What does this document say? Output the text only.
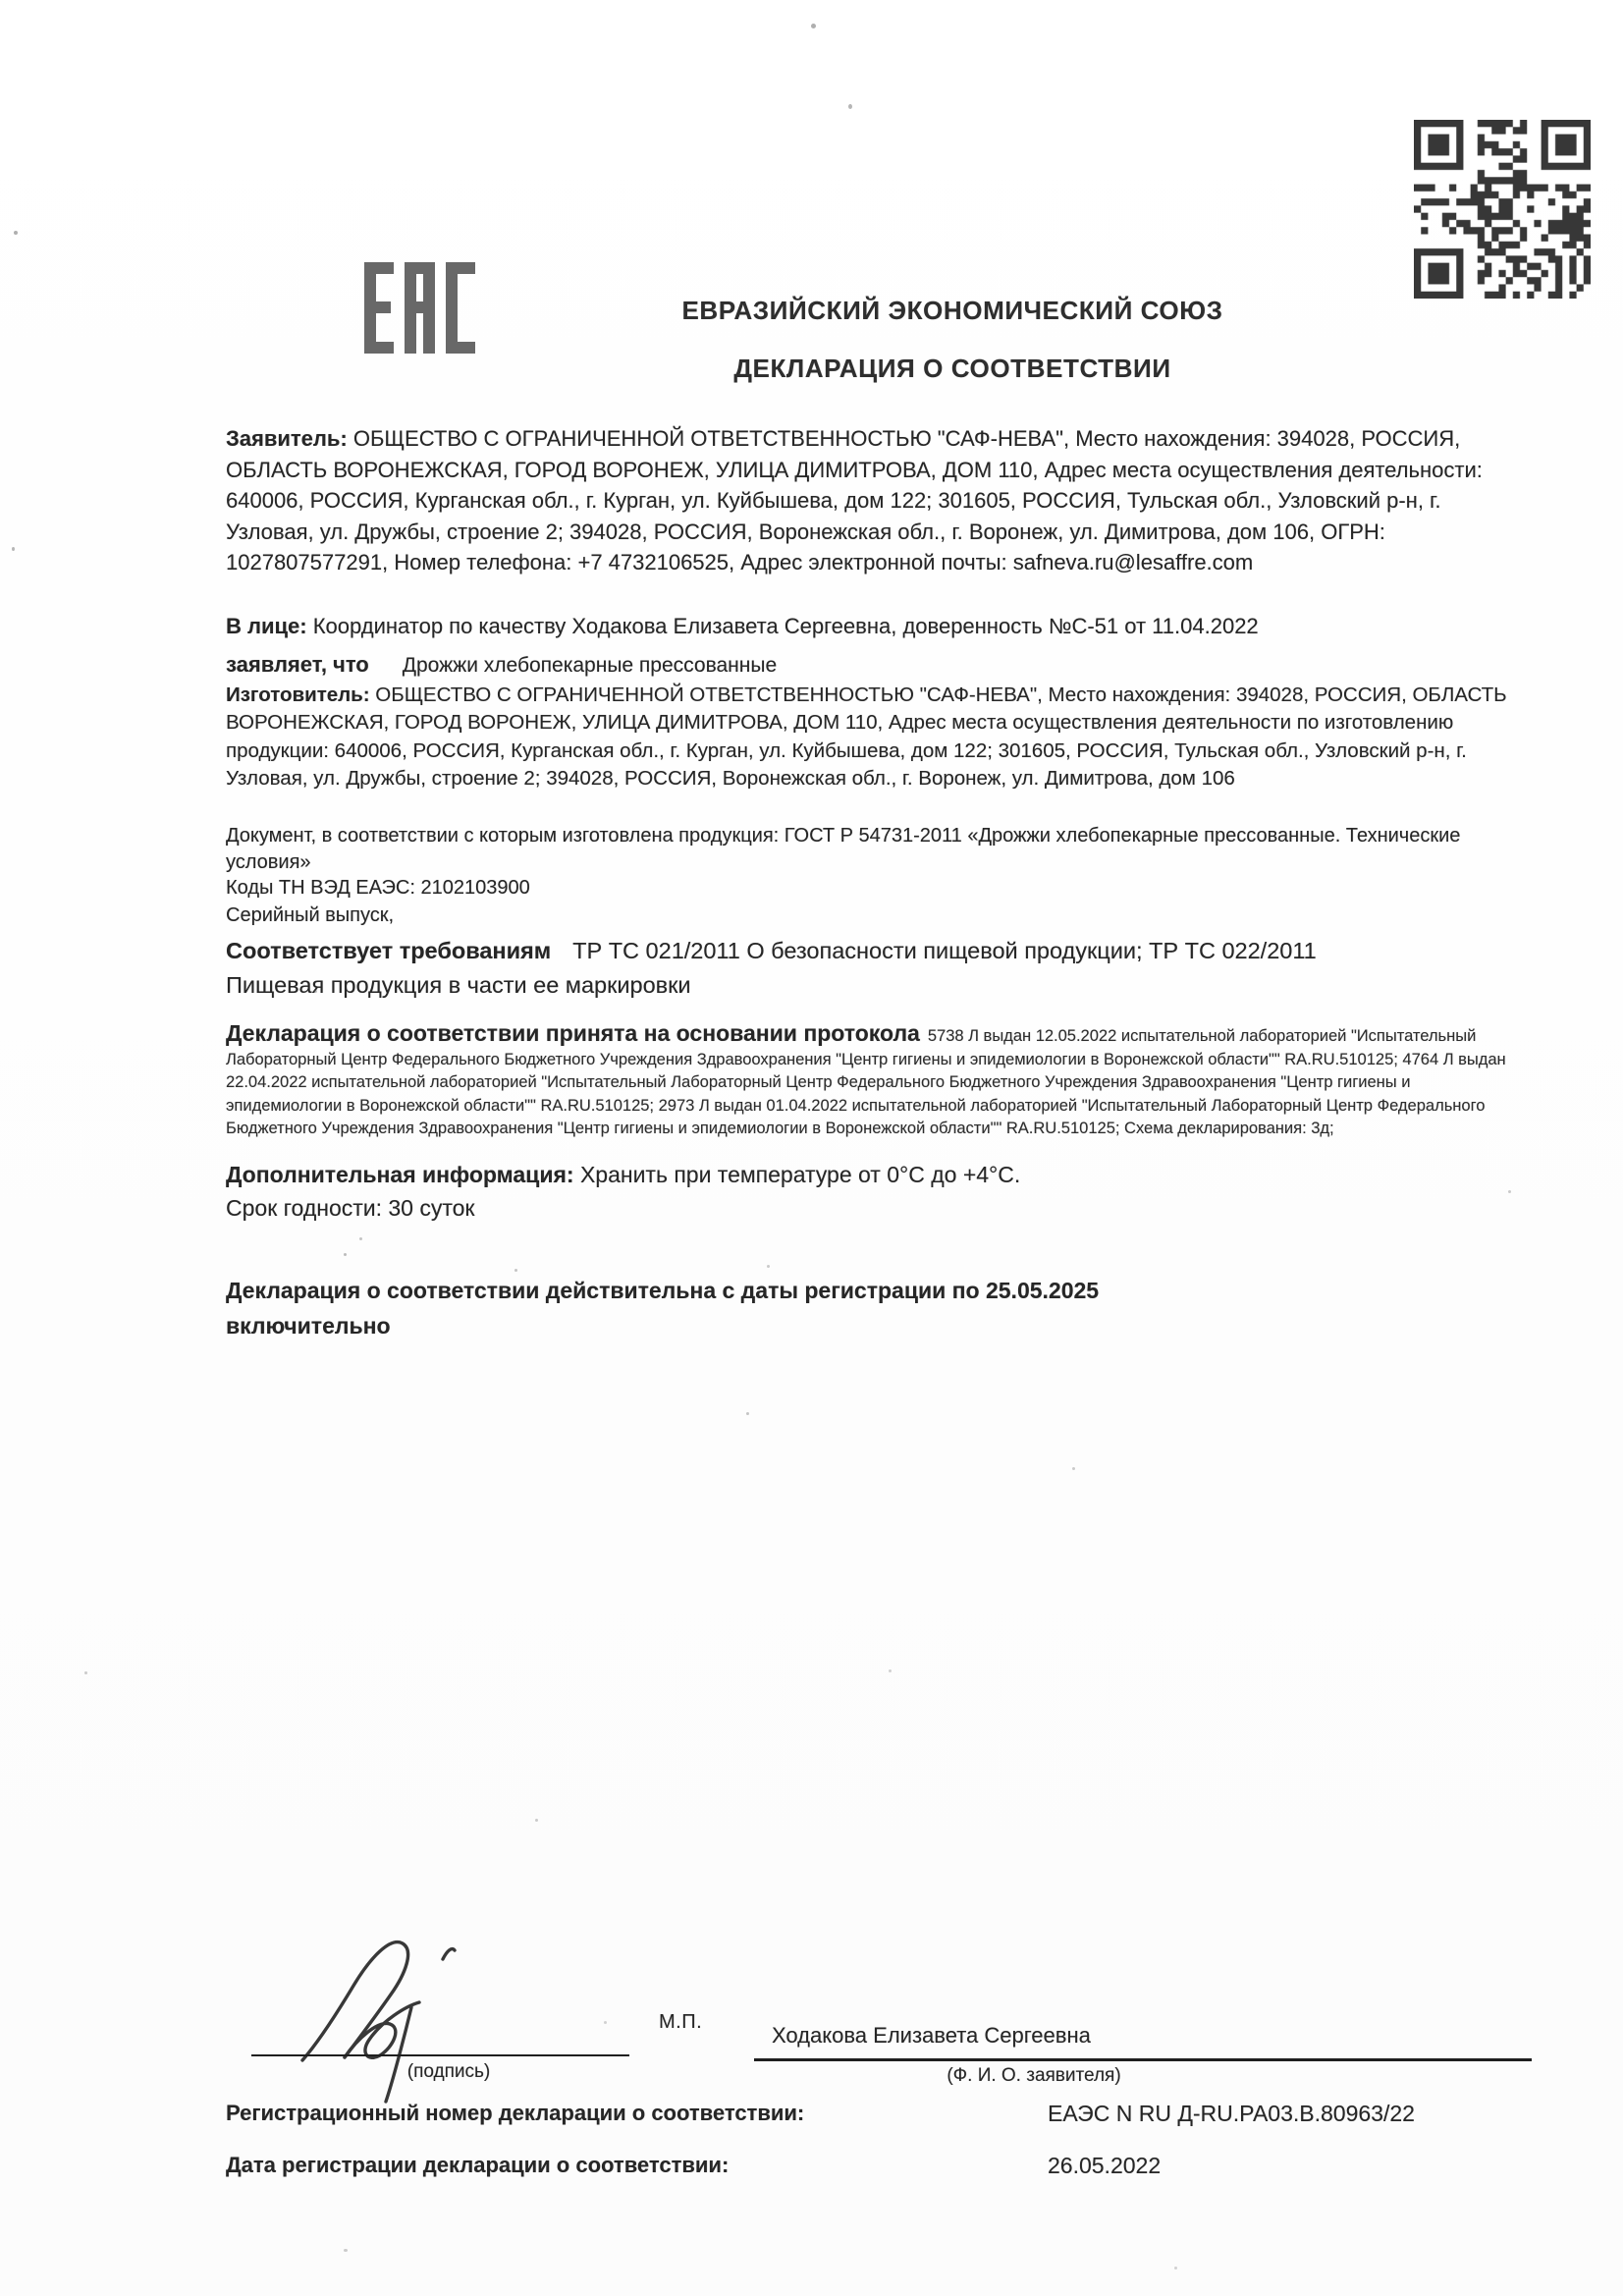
ЕВРАЗИЙСКИЙ ЭКОНОМИЧЕСКИЙ СОЮЗ
ДЕКЛАРАЦИЯ О СООТВЕТСТВИИ

Заявитель: ОБЩЕСТВО С ОГРАНИЧЕННОЙ ОТВЕТСТВЕННОСТЬЮ "САФ-НЕВА", Место нахождения: 394028, РОССИЯ, ОБЛАСТЬ ВОРОНЕЖСКАЯ, ГОРОД ВОРОНЕЖ, УЛИЦА ДИМИТРОВА, ДОМ 110, Адрес места осуществления деятельности: 640006, РОССИЯ, Курганская обл., г. Курган, ул. Куйбышева, дом 122; 301605, РОССИЯ, Тульская обл., Узловский р-н, г. Узловая, ул. Дружбы, строение 2; 394028, РОССИЯ, Воронежская обл., г. Воронеж, ул. Димитрова, дом 106, ОГРН: 1027807577291, Номер телефона: +7 4732106525, Адрес электронной почты: safneva.ru@lesaffre.com

В лице: Координатор по качеству Ходакова Елизавета Сергеевна, доверенность №С-51 от 11.04.2022

заявляет, что Дрожжи хлебопекарные прессованные

Изготовитель: ОБЩЕСТВО С ОГРАНИЧЕННОЙ ОТВЕТСТВЕННОСТЬЮ "САФ-НЕВА", Место нахождения: 394028, РОССИЯ, ОБЛАСТЬ ВОРОНЕЖСКАЯ, ГОРОД ВОРОНЕЖ, УЛИЦА ДИМИТРОВА, ДОМ 110, Адрес места осуществления деятельности по изготовлению продукции: 640006, РОССИЯ, Курганская обл., г. Курган, ул. Куйбышева, дом 122; 301605, РОССИЯ, Тульская обл., Узловский р-н, г. Узловая, ул. Дружбы, строение 2; 394028, РОССИЯ, Воронежская обл., г. Воронеж, ул. Димитрова, дом 106

Документ, в соответствии с которым изготовлена продукция: ГОСТ Р 54731-2011 «Дрожжи хлебопекарные прессованные. Технические условия»

Коды ТН ВЭД ЕАЭС: 2102103900

Серийный выпуск,

Соответствует требованиям ТР ТС 021/2011 О безопасности пищевой продукции; ТР ТС 022/2011 Пищевая продукция в части ее маркировки

Декларация о соответствии принята на основании протокола 5738 Л выдан 12.05.2022 испытательной лабораторией "Испытательный Лабораторный Центр Федерального Бюджетного Учреждения Здравоохранения "Центр гигиены и эпидемиологии в Воронежской области"" RA.RU.510125; 4764 Л выдан 22.04.2022 испытательной лабораторией "Испытательный Лабораторный Центр Федерального Бюджетного Учреждения Здравоохранения "Центр гигиены и эпидемиологии в Воронежской области"" RA.RU.510125; 2973 Л выдан 01.04.2022 испытательной лабораторией "Испытательный Лабораторный Центр Федерального Бюджетного Учреждения Здравоохранения "Центр гигиены и эпидемиологии в Воронежской области"" RA.RU.510125; Схема декларирования: 3д;

Дополнительная информация: Хранить при температуре от 0°С до +4°С.

Срок годности: 30 суток

Декларация о соответствии действительна с даты регистрации по 25.05.2025
включительно

(подпись)
М.П.
Ходакова Елизавета Сергеевна
(Ф. И. О. заявителя)
Регистрационный номер декларации о соответствии:	ЕАЭС N RU Д-RU.РА03.В.80963/22
Дата регистрации декларации о соответствии:	26.05.2022
